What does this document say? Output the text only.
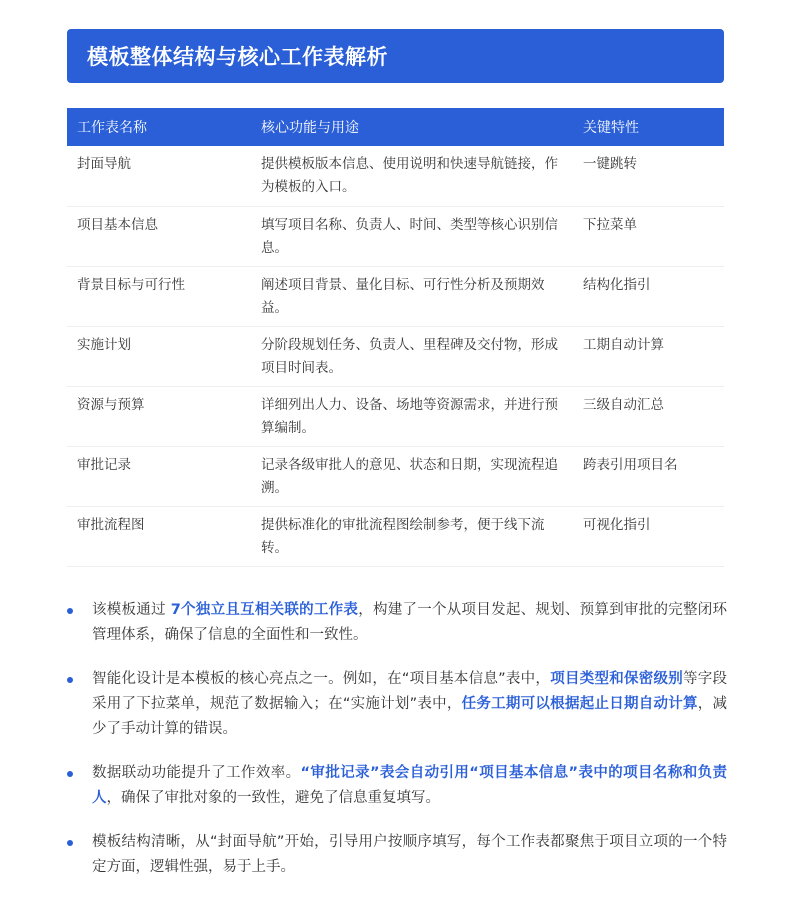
模板整体结构与核心工作表解析
工作表名称	核心功能与用途	关键特性
封面导航	提供模板版本信息、使用说明和快速导航链接，作为模板的入口。	一键跳转
项目基本信息	填写项目名称、负责人、时间、类型等核心识别信息。	下拉菜单
背景目标与可行性	阐述项目背景、量化目标、可行性分析及预期效益。	结构化指引
实施计划	分阶段规划任务、负责人、里程碑及交付物，形成项目时间表。	工期自动计算
资源与预算	详细列出人力、设备、场地等资源需求，并进行预算编制。	三级自动汇总
审批记录	记录各级审批人的意见、状态和日期，实现流程追溯。	跨表引用项目名
审批流程图	提供标准化的审批流程图绘制参考，便于线下流转。	可视化指引
该模板通过 7个独立且互相关联的工作表，构建了一个从项目发起、规划、预算到审批的完整闭环管理体系，确保了信息的全面性和一致性。
智能化设计是本模板的核心亮点之一。例如，在“项目基本信息”表中，项目类型和保密级别等字段采用了下拉菜单，规范了数据输入；在“实施计划”表中，任务工期可以根据起止日期自动计算，减少了手动计算的错误。
数据联动功能提升了工作效率。“审批记录”表会自动引用“项目基本信息”表中的项目名称和负责人，确保了审批对象的一致性，避免了信息重复填写。
模板结构清晰，从“封面导航”开始，引导用户按顺序填写，每个工作表都聚焦于项目立项的一个特定方面，逻辑性强，易于上手。
